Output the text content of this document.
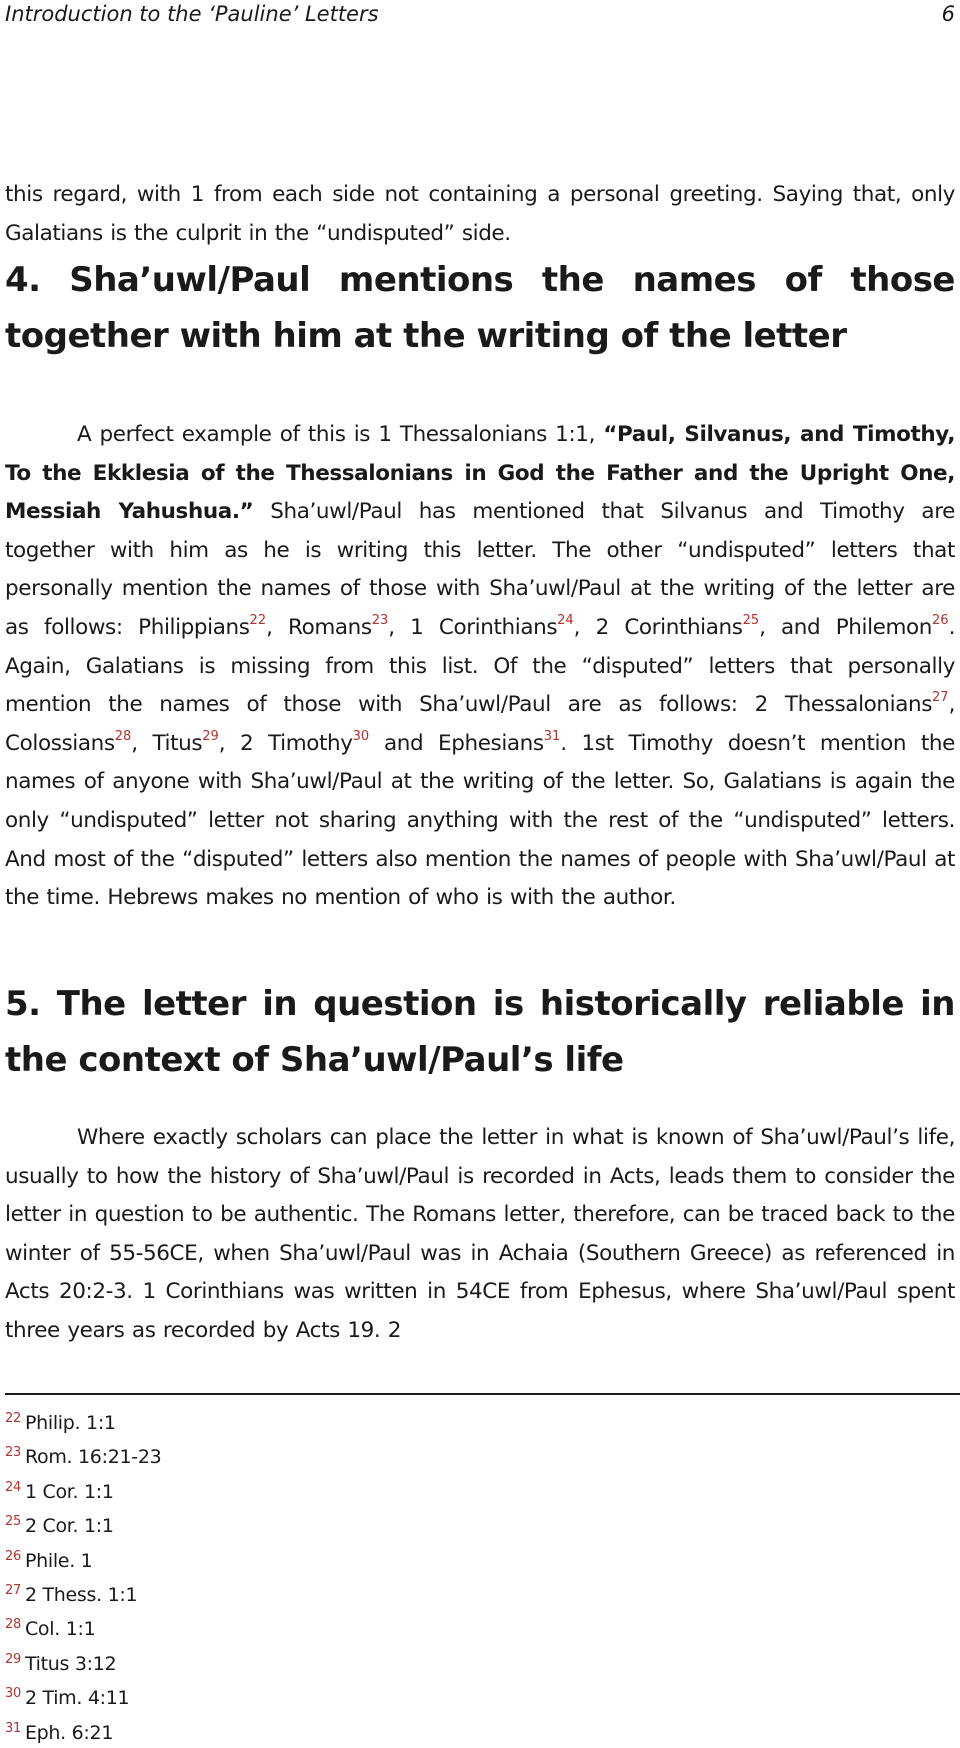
Introduction to the ‘Pauline’ Letters	6
this regard, with 1 from each side not containing a personal greeting. Saying that, only Galatians is the culprit in the “undisputed” side.
4. Sha’uwl/Paul mentions the names of those together with him at the writing of the letter
A perfect example of this is 1 Thessalonians 1:1, “Paul, Silvanus, and Timothy, To the Ekklesia of the Thessalonians in God the Father and the Upright One, Messiah Yahushua.” Sha’uwl/Paul has mentioned that Silvanus and Timothy are together with him as he is writing this letter. The other “undisputed” letters that personally mention the names of those with Sha’uwl/Paul at the writing of the letter are as follows: Philippians$^{22}$, Romans$^{23}$, 1 Corinthians$^{24}$, 2 Corinthians$^{25}$, and Philemon$^{26}$. Again, Galatians is missing from this list. Of the “disputed” letters that personally mention the names of those with Sha’uwl/Paul are as follows: 2 Thessalonians$^{27}$, Colossians$^{28}$, Titus$^{29}$, 2 Timothy$^{30}$ and Ephesians$^{31}$. 1st Timothy doesn’t mention the names of anyone with Sha’uwl/Paul at the writing of the letter. So, Galatians is again the only “undisputed” letter not sharing anything with the rest of the “undisputed” letters. And most of the “disputed” letters also mention the names of people with Sha’uwl/Paul at the time. Hebrews makes no mention of who is with the author.
5. The letter in question is historically reliable in the context of Sha’uwl/Paul’s life
Where exactly scholars can place the letter in what is known of Sha’uwl/Paul’s life, usually to how the history of Sha’uwl/Paul is recorded in Acts, leads them to consider the letter in question to be authentic. The Romans letter, therefore, can be traced back to the winter of 55-56CE, when Sha’uwl/Paul was in Achaia (Southern Greece) as referenced in Acts 20:2-3. 1 Corinthians was written in 54CE from Ephesus, where Sha’uwl/Paul spent three years as recorded by Acts 19. 2
$^{22}$ Philip. 1:1
$^{23}$ Rom. 16:21-23
$^{24}$ 1 Cor. 1:1
$^{25}$ 2 Cor. 1:1
$^{26}$ Phile. 1
$^{27}$ 2 Thess. 1:1
$^{28}$ Col. 1:1
$^{29}$ Titus 3:12
$^{30}$ 2 Tim. 4:11
$^{31}$ Eph. 6:21
